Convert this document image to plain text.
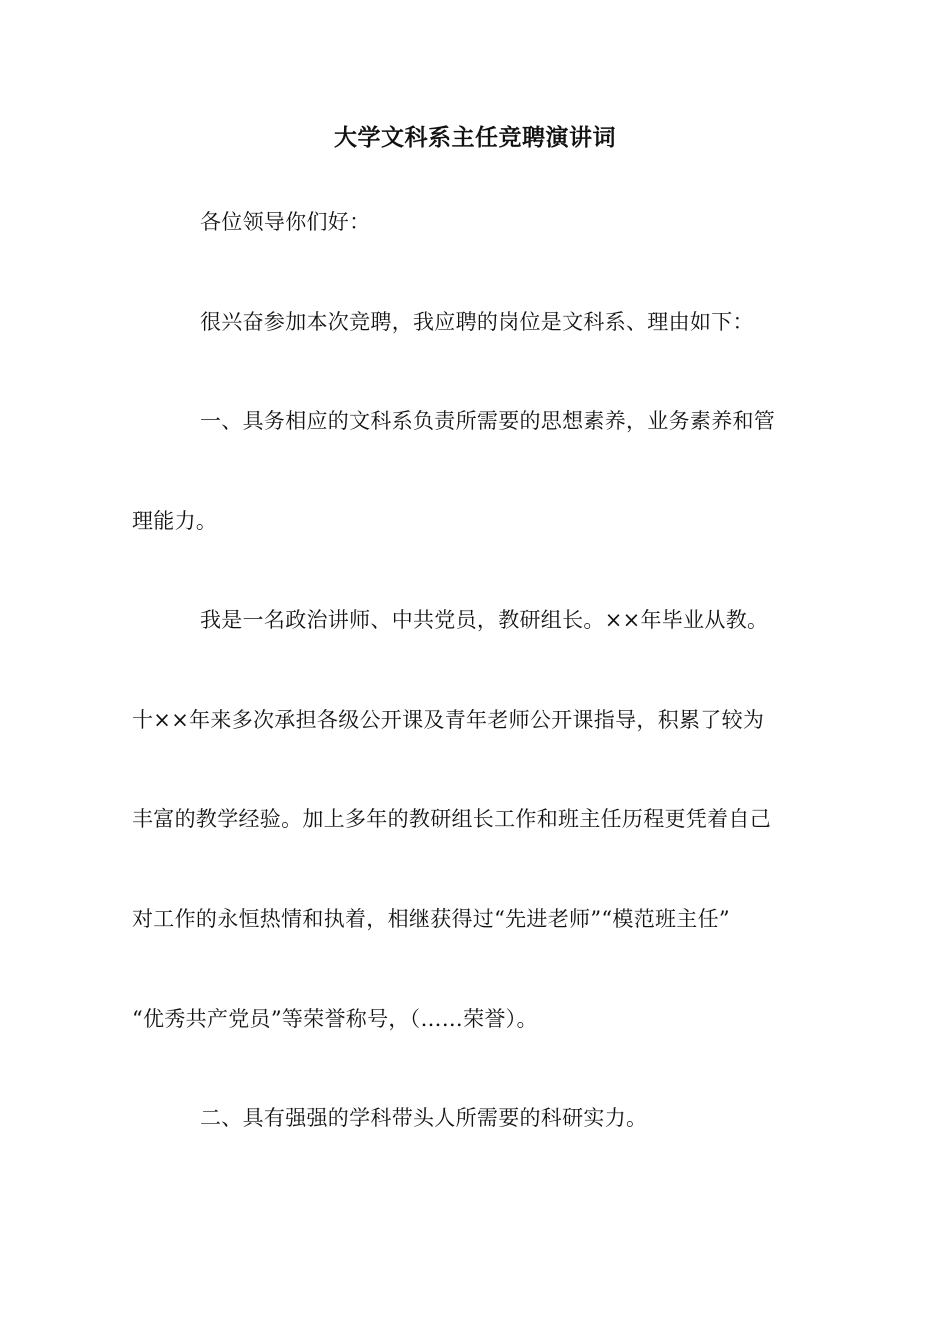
大学文科系主任竞聘演讲词
各位领导你们好：
很兴奋参加本次竞聘，我应聘的岗位是文科系、理由如下：
一、具务相应的文科系负责所需要的思想素养，业务素养和管
理能力。
我是一名政治讲师、中共党员，教研组长。××年毕业从教。
十××年来多次承担各级公开课及青年老师公开课指导，积累了较为
丰富的教学经验。加上多年的教研组长工作和班主任历程更凭着自己
对工作的永恒热情和执着，相继获得过“先进老师”“模范班主任”
“优秀共产党员”等荣誉称号，（……荣誉）。
二、具有强强的学科带头人所需要的科研实力。
